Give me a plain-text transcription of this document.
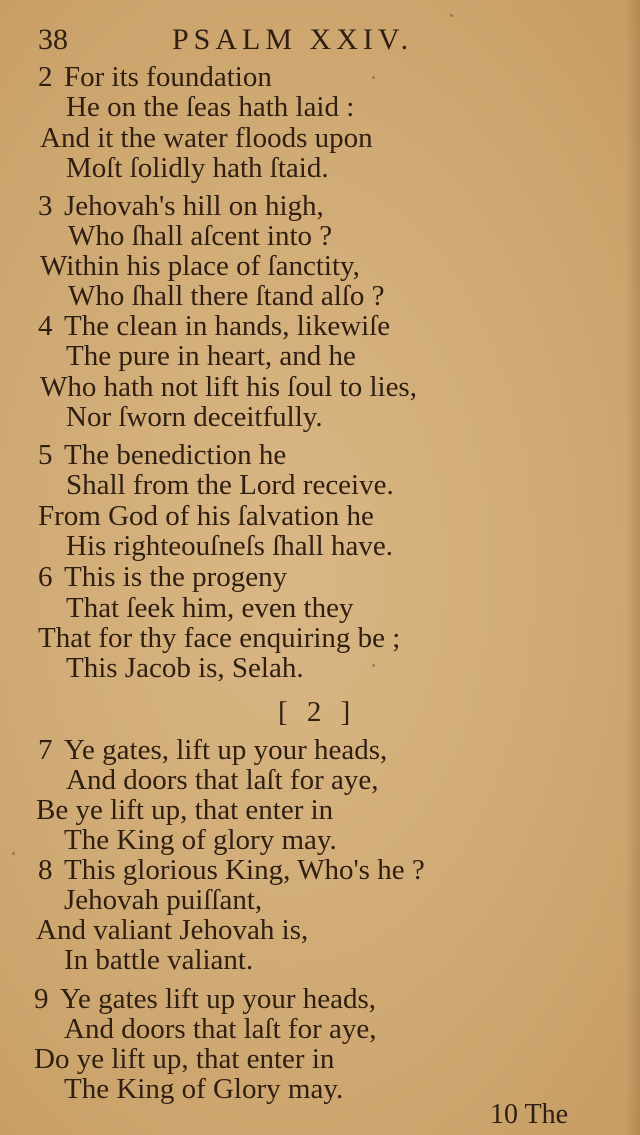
38	PSALM XXIV.
2 For its foundation
He on the ſeas hath laid :
And it the water floods upon
Moſt ſolidly hath ſtaid.
3 Jehovah's hill on high,
Who ſhall aſcent into ?
Within his place of ſanctity,
Who ſhall there ſtand alſo ?
4 The clean in hands, likewiſe
The pure in heart, and he
Who hath not lift his ſoul to lies,
Nor ſworn deceitfully.
5 The benediction he
Shall from the Lord receive.
From God of his ſalvation he
His righteouſneſs ſhall have.
6 This is the progeny
That ſeek him, even they
That for thy face enquiring be ;
This Jacob is, Selah.
[ 2 ]
7 Ye gates, lift up your heads,
And doors that laſt for aye,
Be ye lift up, that enter in
The King of glory may.
8 This glorious King, Who's he ?
Jehovah puiſſant,
And valiant Jehovah is,
In battle valiant.
9 Ye gates lift up your heads,
And doors that laſt for aye,
Do ye lift up, that enter in
The King of Glory may.
10 The
